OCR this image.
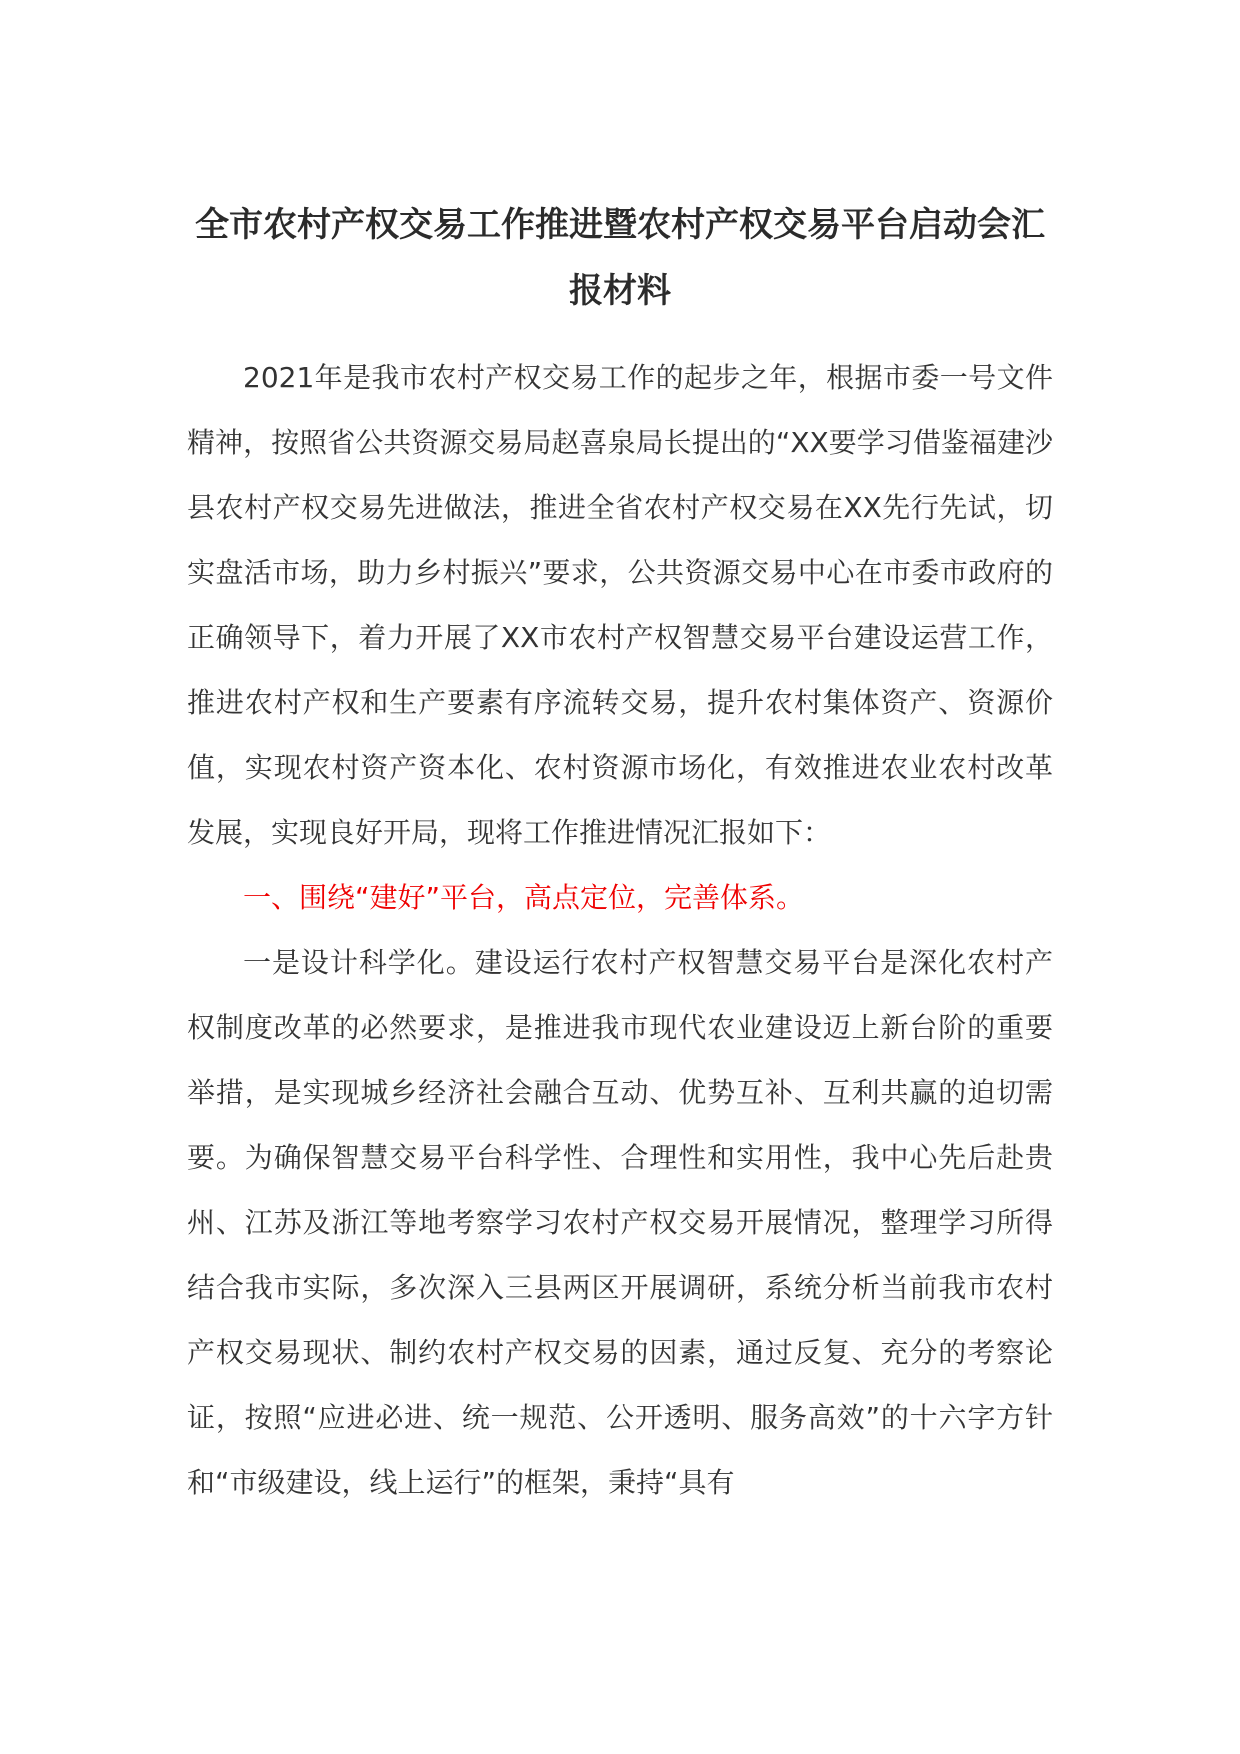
全市农村产权交易工作推进暨农村产权交易平台启动会汇报材料

2021年是我市农村产权交易工作的起步之年，根据市委一号文件精神，按照省公共资源交易局赵喜泉局长提出的“XX要学习借鉴福建沙县农村产权交易先进做法，推进全省农村产权交易在XX先行先试，切实盘活市场，助力乡村振兴”要求，公共资源交易中心在市委市政府的正确领导下，着力开展了XX市农村产权智慧交易平台建设运营工作，推进农村产权和生产要素有序流转交易，提升农村集体资产、资源价值，实现农村资产资本化、农村资源市场化，有效推进农业农村改革发展，实现良好开局，现将工作推进情况汇报如下：

一、围绕“建好”平台，高点定位，完善体系。

一是设计科学化。建设运行农村产权智慧交易平台是深化农村产权制度改革的必然要求，是推进我市现代农业建设迈上新台阶的重要举措，是实现城乡经济社会融合互动、优势互补、互利共赢的迫切需要。为确保智慧交易平台科学性、合理性和实用性，我中心先后赴贵州、江苏及浙江等地考察学习农村产权交易开展情况，整理学习所得结合我市实际，多次深入三县两区开展调研，系统分析当前我市农村产权交易现状、制约农村产权交易的因素，通过反复、充分的考察论证，按照“应进必进、统一规范、公开透明、服务高效”的十六字方针和“市级建设，线上运行”的框架，秉持“具有
